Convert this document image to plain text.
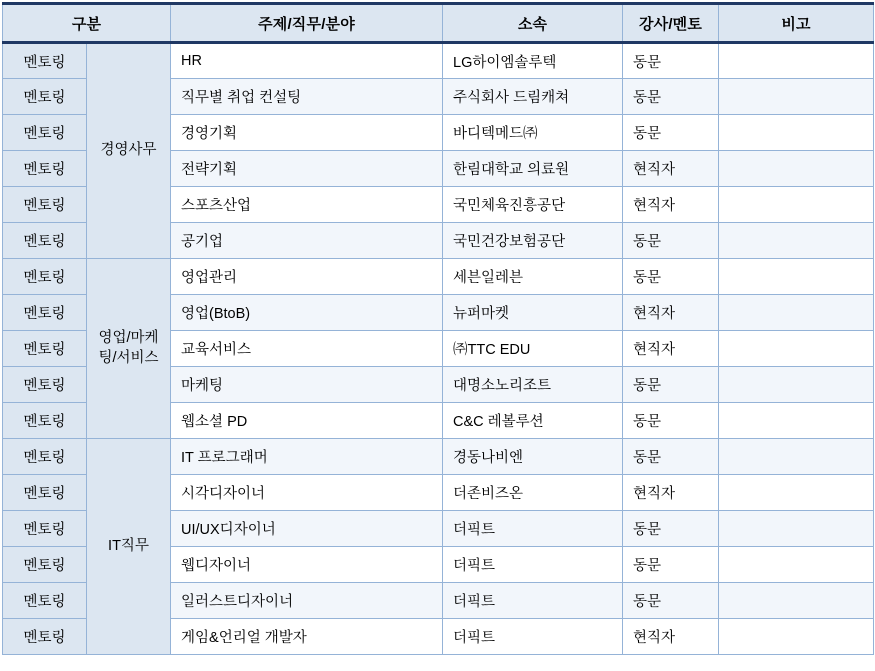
구분		주제/직무/분야	소속	강사/멘토	비고
멘토링	경영사무	HR	LG하이엠솔루텍	동문	
멘토링		직무별 취업 컨설팅	주식회사 드림캐쳐	동문	
멘토링		경영기획	바디텍메드㈜	동문	
멘토링		전략기획	한림대학교 의료원	현직자	
멘토링		스포츠산업	국민체육진흥공단	현직자	
멘토링		공기업	국민건강보험공단	동문	
멘토링	영업/마케팅/서비스	영업관리	세븐일레븐	동문	
멘토링		영업(BtoB)	뉴퍼마켓	현직자	
멘토링		교육서비스	㈜TTC EDU	현직자	
멘토링		마케팅	대명소노리조트	동문	
멘토링		웹소셜 PD	C&C 레볼루션	동문	
멘토링	IT직무	IT 프로그래머	경동나비엔	동문	
멘토링		시각디자이너	더존비즈온	현직자	
멘토링		UI/UX디자이너	더픽트	동문	
멘토링		웹디자이너	더픽트	동문	
멘토링		일러스트디자이너	더픽트	동문	
멘토링		게임&언리얼 개발자	더픽트	현직자	
